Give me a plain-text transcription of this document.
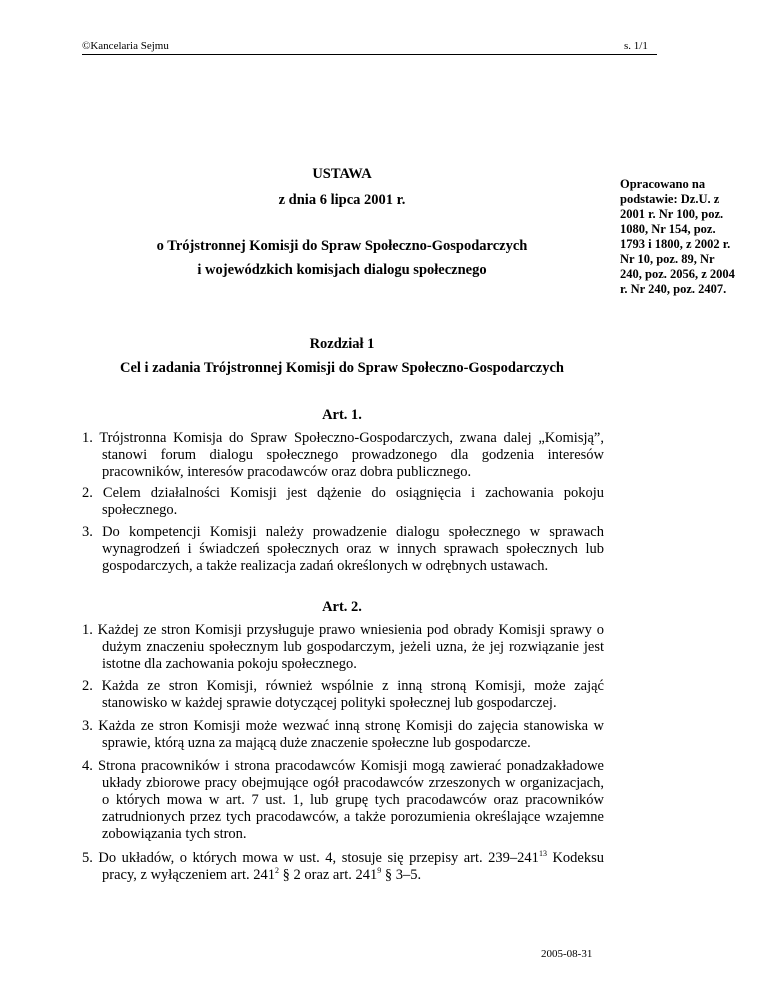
©Kancelaria Sejmu	s. 1/1
USTAWA
z dnia 6 lipca 2001 r.
o Trójstronnej Komisji do Spraw Społeczno-Gospodarczych
i wojewódzkich komisjach dialogu społecznego
Opracowano na podstawie: Dz.U. z 2001 r. Nr 100, poz. 1080, Nr 154, poz. 1793 i 1800, z 2002 r. Nr 10, poz. 89, Nr 240, poz. 2056, z 2004 r. Nr 240, poz. 2407.
Rozdział 1
Cel i zadania Trójstronnej Komisji do Spraw Społeczno-Gospodarczych
Art. 1.
1. Trójstronna Komisja do Spraw Społeczno-Gospodarczych, zwana dalej „Komisją”, stanowi forum dialogu społecznego prowadzonego dla godzenia interesów pracowników, interesów pracodawców oraz dobra publicznego.
2. Celem działalności Komisji jest dążenie do osiągnięcia i zachowania pokoju społecznego.
3. Do kompetencji Komisji należy prowadzenie dialogu społecznego w sprawach wynagrodzeń i świadczeń społecznych oraz w innych sprawach społecznych lub gospodarczych, a także realizacja zadań określonych w odrębnych ustawach.
Art. 2.
1. Każdej ze stron Komisji przysługuje prawo wniesienia pod obrady Komisji sprawy o dużym znaczeniu społecznym lub gospodarczym, jeżeli uzna, że jej rozwiązanie jest istotne dla zachowania pokoju społecznego.
2. Każda ze stron Komisji, również wspólnie z inną stroną Komisji, może zająć stanowisko w każdej sprawie dotyczącej polityki społecznej lub gospodarczej.
3. Każda ze stron Komisji może wezwać inną stronę Komisji do zajęcia stanowiska w sprawie, którą uzna za mającą duże znaczenie społeczne lub gospodarcze.
4. Strona pracowników i strona pracodawców Komisji mogą zawierać ponadzakładowe układy zbiorowe pracy obejmujące ogół pracodawców zrzeszonych w organizacjach, o których mowa w art. 7 ust. 1, lub grupę tych pracodawców oraz pracowników zatrudnionych przez tych pracodawców, a także porozumienia określające wzajemne zobowiązania tych stron.
5. Do układów, o których mowa w ust. 4, stosuje się przepisy art. $239-241^{13}$ Kodeksu pracy, z wyłączeniem art. $241^2$ § 2 oraz art. $241^9$ § 3–5.
2005-08-31
